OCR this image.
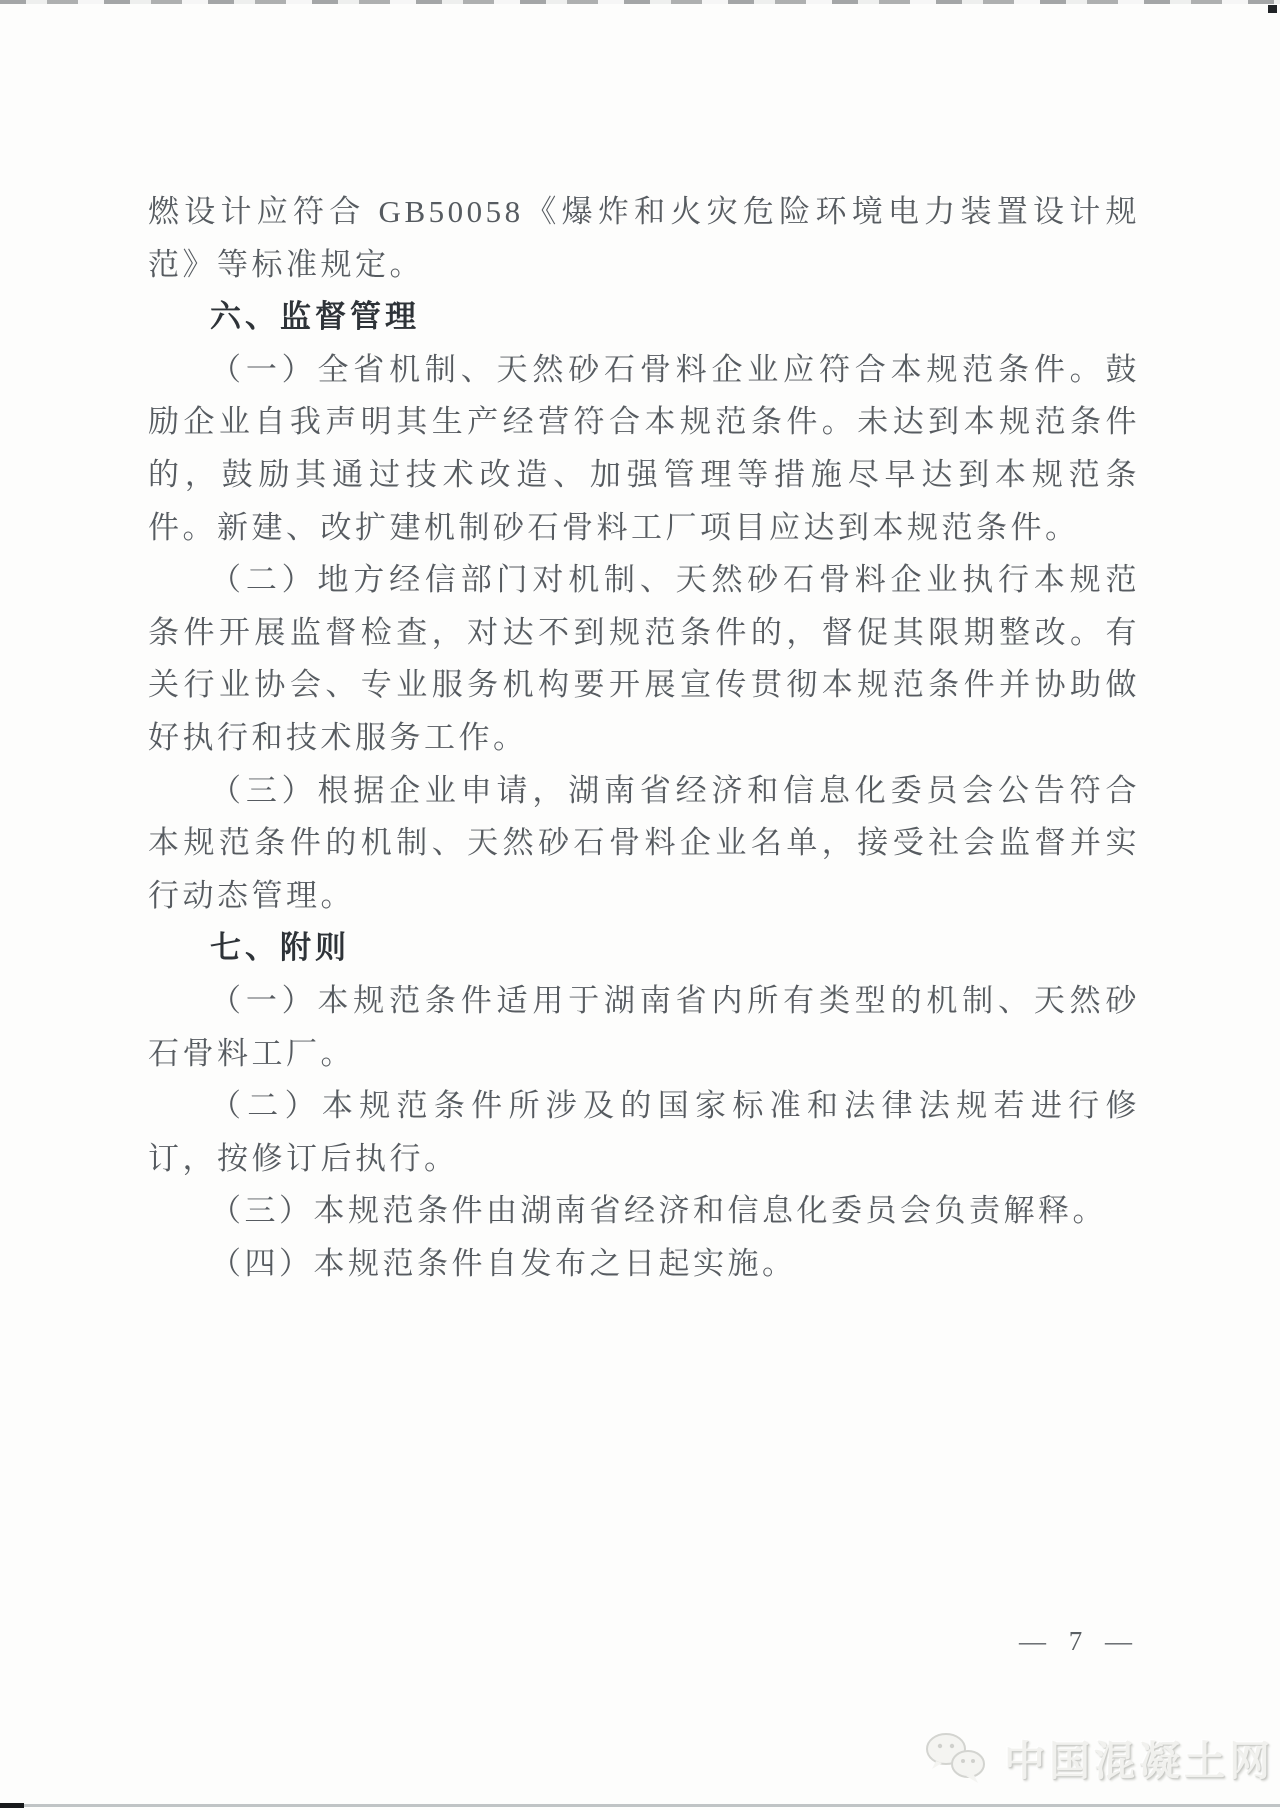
燃设计应符合 GB50058《爆炸和火灾危险环境电力装置设计规范》等标准规定。

六、监督管理

（一）全省机制、天然砂石骨料企业应符合本规范条件。鼓励企业自我声明其生产经营符合本规范条件。未达到本规范条件的，鼓励其通过技术改造、加强管理等措施尽早达到本规范条件。新建、改扩建机制砂石骨料工厂项目应达到本规范条件。

（二）地方经信部门对机制、天然砂石骨料企业执行本规范条件开展监督检查，对达不到规范条件的，督促其限期整改。有关行业协会、专业服务机构要开展宣传贯彻本规范条件并协助做好执行和技术服务工作。

（三）根据企业申请，湖南省经济和信息化委员会公告符合本规范条件的机制、天然砂石骨料企业名单，接受社会监督并实行动态管理。

七、附则

（一）本规范条件适用于湖南省内所有类型的机制、天然砂石骨料工厂。

（二）本规范条件所涉及的国家标准和法律法规若进行修订，按修订后执行。

（三）本规范条件由湖南省经济和信息化委员会负责解释。

（四）本规范条件自发布之日起实施。

— 7 —
中国混凝土网
